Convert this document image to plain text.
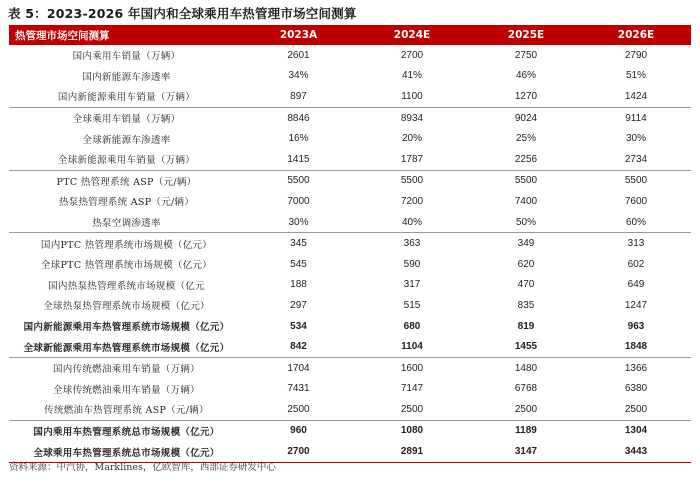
表 5：2023-2026 年国内和全球乘用车热管理市场空间测算
热管理市场空间测算	2023A	2024E	2025E	2026E
国内乘用车销量（万辆）	2601	2700	2750	2790
国内新能源车渗透率	34%	41%	46%	51%
国内新能源乘用车销量（万辆）	897	1100	1270	1424
全球乘用车销量（万辆）	8846	8934	9024	9114
全球新能源车渗透率	16%	20%	25%	30%
全球新能源乘用车销量（万辆）	1415	1787	2256	2734
PTC 热管理系统 ASP（元/辆）	5500	5500	5500	5500
热泵热管理系统 ASP（元/辆）	7000	7200	7400	7600
热泵空调渗透率	30%	40%	50%	60%
国内PTC 热管理系统市场规模（亿元）	345	363	349	313
全球PTC 热管理系统市场规模（亿元）	545	590	620	602
国内热泵热管理系统市场规模（亿元	188	317	470	649
全球热泵热管理系统市场规模（亿元）	297	515	835	1247
国内新能源乘用车热管理系统市场规模（亿元）	534	680	819	963
全球新能源乘用车热管理系统市场规模（亿元）	842	1104	1455	1848
国内传统燃油乘用车销量（万辆）	1704	1600	1480	1366
全球传统燃油乘用车销量（万辆）	7431	7147	6768	6380
传统燃油车热管理系统 ASP（元/辆）	2500	2500	2500	2500
国内乘用车热管理系统总市场规模（亿元）	960	1080	1189	1304
全球乘用车热管理系统总市场规模（亿元）	2700	2891	3147	3443
资料来源：中汽协，Marklines，亿欧智库，西部证券研发中心
